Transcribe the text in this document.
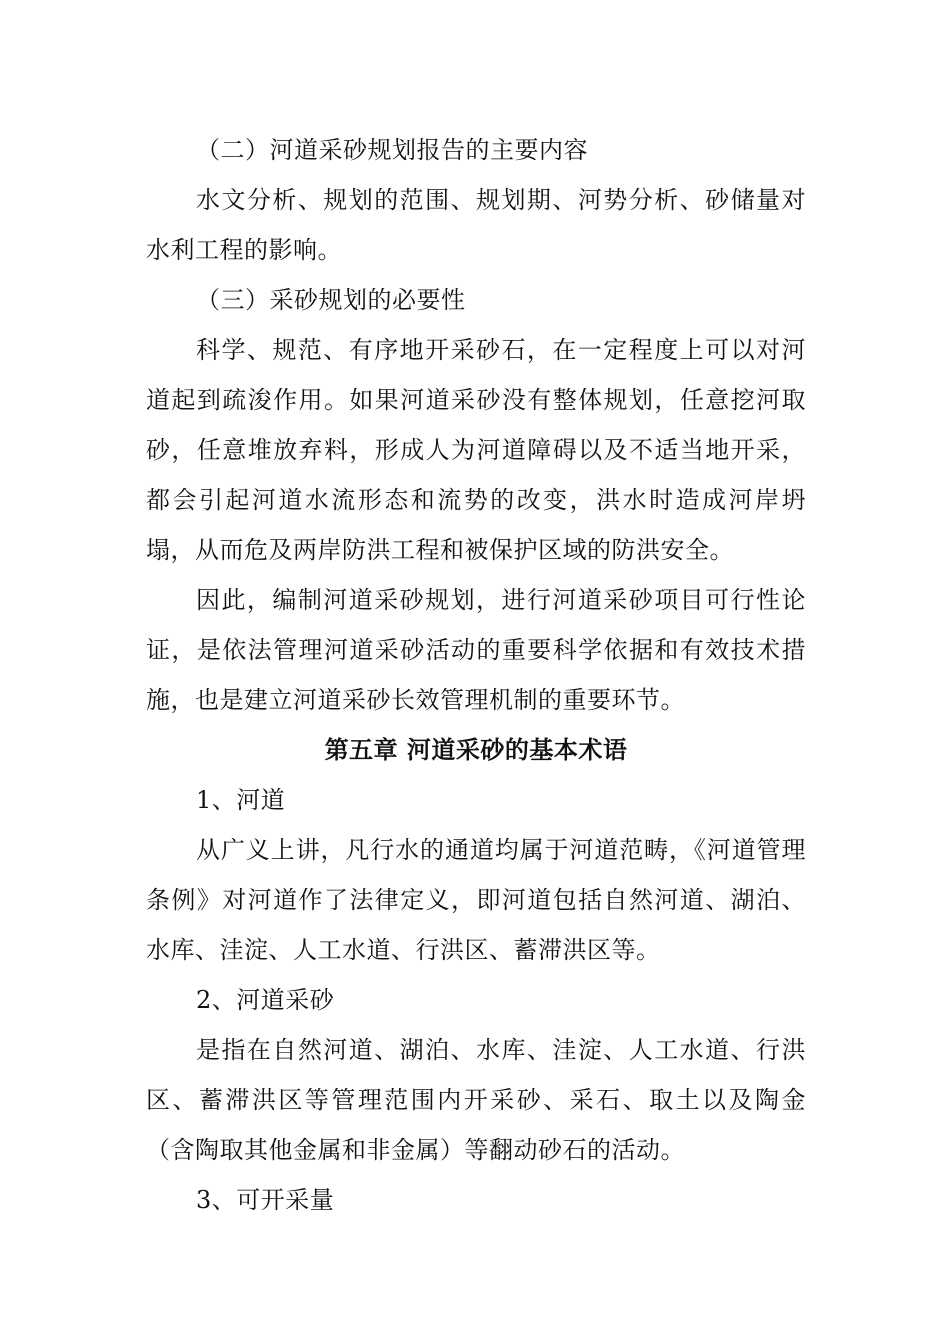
（二）河道采砂规划报告的主要内容

水文分析、规划的范围、规划期、河势分析、砂储量对水利工程的影响。

（三）采砂规划的必要性

科学、规范、有序地开采砂石，在一定程度上可以对河道起到疏浚作用。如果河道采砂没有整体规划，任意挖河取砂，任意堆放弃料，形成人为河道障碍以及不适当地开采，都会引起河道水流形态和流势的改变，洪水时造成河岸坍塌，从而危及两岸防洪工程和被保护区域的防洪安全。

因此，编制河道采砂规划，进行河道采砂项目可行性论证，是依法管理河道采砂活动的重要科学依据和有效技术措施，也是建立河道采砂长效管理机制的重要环节。

第五章 河道采砂的基本术语

1、河道

从广义上讲，凡行水的通道均属于河道范畴，《河道管理条例》对河道作了法律定义，即河道包括自然河道、湖泊、水库、洼淀、人工水道、行洪区、蓄滞洪区等。

2、河道采砂

是指在自然河道、湖泊、水库、洼淀、人工水道、行洪区、蓄滞洪区等管理范围内开采砂、采石、取土以及陶金（含陶取其他金属和非金属）等翻动砂石的活动。

3、可开采量
